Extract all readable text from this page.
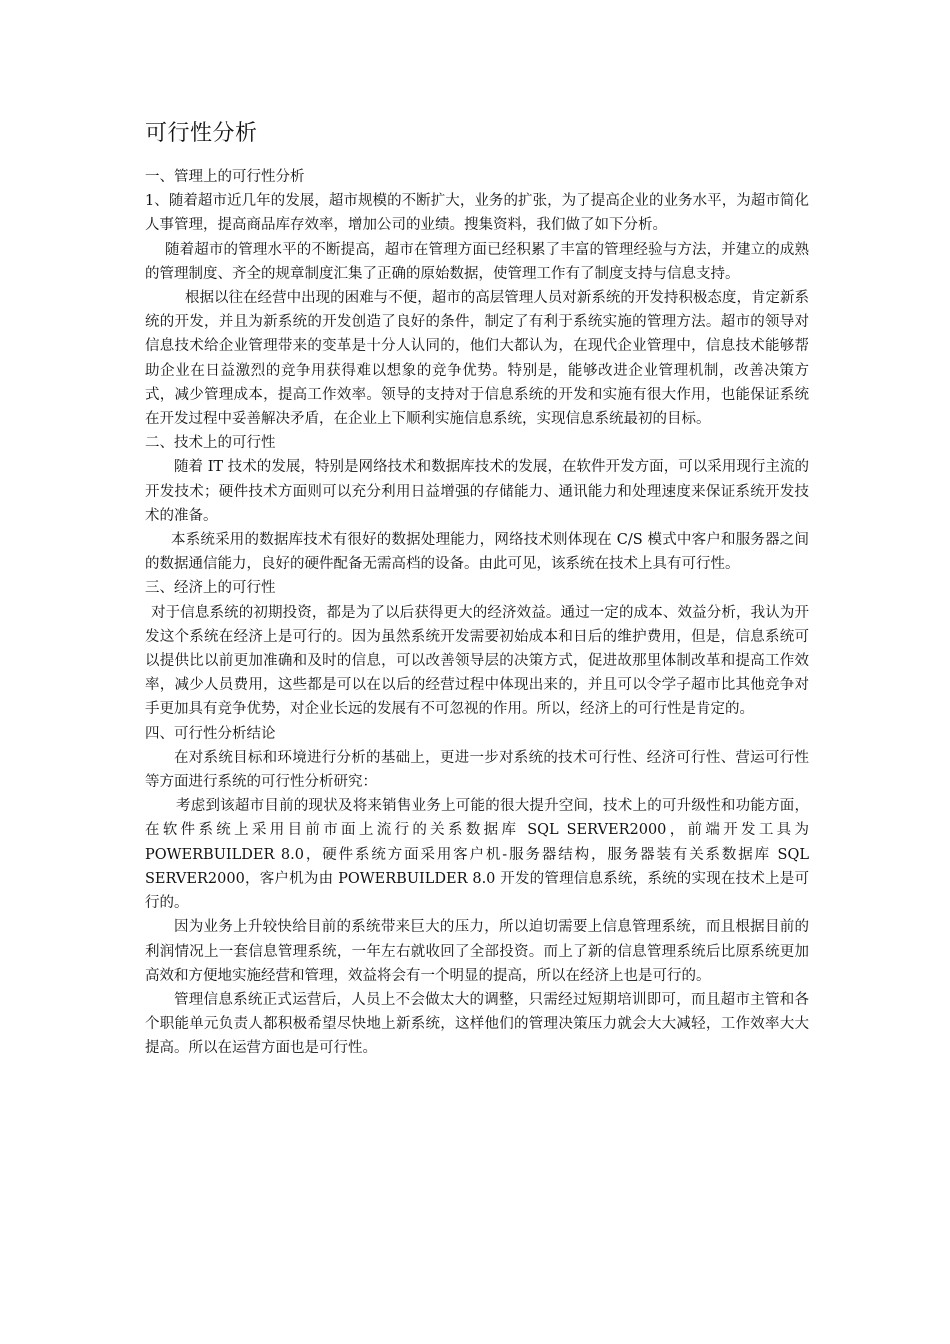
可行性分析

一、管理上的可行性分析

1、随着超市近几年的发展，超市规模的不断扩大，业务的扩张，为了提高企业的业务水平，为超市简化人事管理，提高商品库存效率，增加公司的业绩。搜集资料，我们做了如下分析。

随着超市的管理水平的不断提高，超市在管理方面已经积累了丰富的管理经验与方法，并建立的成熟的管理制度、齐全的规章制度汇集了正确的原始数据，使管理工作有了制度支持与信息支持。

根据以往在经营中出现的困难与不便，超市的高层管理人员对新系统的开发持积极态度，肯定新系统的开发，并且为新系统的开发创造了良好的条件，制定了有利于系统实施的管理方法。超市的领导对信息技术给企业管理带来的变革是十分人认同的，他们大都认为，在现代企业管理中，信息技术能够帮助企业在日益激烈的竞争用获得难以想象的竞争优势。特别是，能够改进企业管理机制，改善决策方式，减少管理成本，提高工作效率。领导的支持对于信息系统的开发和实施有很大作用，也能保证系统在开发过程中妥善解决矛盾，在企业上下顺利实施信息系统，实现信息系统最初的目标。

二、技术上的可行性

随着 IT 技术的发展，特别是网络技术和数据库技术的发展，在软件开发方面，可以采用现行主流的开发技术；硬件技术方面则可以充分利用日益增强的存储能力、通讯能力和处理速度来保证系统开发技术的准备。

本系统采用的数据库技术有很好的数据处理能力，网络技术则体现在 C/S 模式中客户和服务器之间的数据通信能力，良好的硬件配备无需高档的设备。由此可见，该系统在技术上具有可行性。

三、经济上的可行性

对于信息系统的初期投资，都是为了以后获得更大的经济效益。通过一定的成本、效益分析，我认为开发这个系统在经济上是可行的。因为虽然系统开发需要初始成本和日后的维护费用，但是，信息系统可以提供比以前更加准确和及时的信息，可以改善领导层的决策方式，促进故那里体制改革和提高工作效率，减少人员费用，这些都是可以在以后的经营过程中体现出来的，并且可以令学子超市比其他竞争对手更加具有竞争优势，对企业长远的发展有不可忽视的作用。所以，经济上的可行性是肯定的。

四、可行性分析结论

在对系统目标和环境进行分析的基础上，更进一步对系统的技术可行性、经济可行性、营运可行性等方面进行系统的可行性分析研究：

考虑到该超市目前的现状及将来销售业务上可能的很大提升空间，技术上的可升级性和功能方面，在软件系统上采用目前市面上流行的关系数据库 SQL SERVER2000，前端开发工具为POWERBUILDER 8.0，硬件系统方面采用客户机-服务器结构，服务器装有关系数据库 SQL SERVER2000，客户机为由 POWERBUILDER 8.0 开发的管理信息系统，系统的实现在技术上是可行的。

因为业务上升较快给目前的系统带来巨大的压力，所以迫切需要上信息管理系统，而且根据目前的利润情况上一套信息管理系统，一年左右就收回了全部投资。而上了新的信息管理系统后比原系统更加高效和方便地实施经营和管理，效益将会有一个明显的提高，所以在经济上也是可行的。

管理信息系统正式运营后，人员上不会做太大的调整，只需经过短期培训即可，而且超市主管和各个职能单元负责人都积极希望尽快地上新系统，这样他们的管理决策压力就会大大减轻，工作效率大大提高。所以在运营方面也是可行性。
